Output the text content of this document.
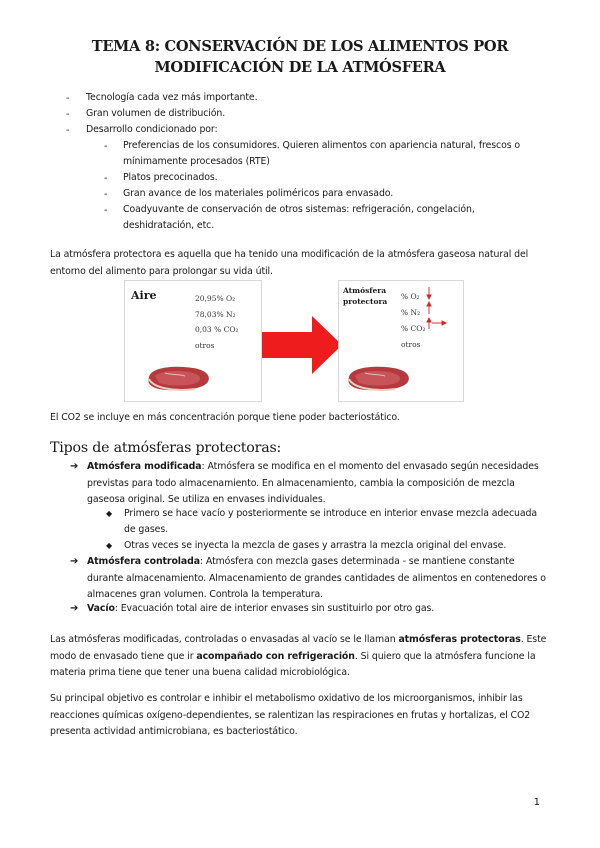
TEMA 8: CONSERVACIÓN DE LOS ALIMENTOS POR MODIFICACIÓN DE LA ATMÓSFERA
- Tecnología cada vez más importante.
- Gran volumen de distribución.
- Desarrollo condicionado por:
- Preferencias de los consumidores. Quieren alimentos con apariencia natural, frescos o mínimamente procesados (RTE)
- Platos precocinados.
- Gran avance de los materiales poliméricos para envasado.
- Coadyuvante de conservación de otros sistemas: refrigeración, congelación, deshidratación, etc.

La atmósfera protectora es aquella que ha tenido una modificación de la atmósfera gaseosa natural del entorno del alimento para prolongar su vida útil.

Aire	20,95% O₂
78,03% N₂
0,03 % CO₂
otros
Atmósfera protectora
% O₂
% N₂
% CO₂
otros

El CO2 se incluye en más concentración porque tiene poder bacteriostático.

Tipos de atmósferas protectoras:
➔ Atmósfera modificada: Atmósfera se modifica en el momento del envasado según necesidades previstas para todo almacenamiento. En almacenamiento, cambia la composición de mezcla gaseosa original. Se utiliza en envases individuales.

◆ Primero se hace vacío y posteriormente se introduce en interior envase mezcla adecuada de gases.

◆ Otras veces se inyecta la mezcla de gases y arrastra la mezcla original del envase.

➔ Atmósfera controlada: Atmósfera con mezcla gases determinada - se mantiene constante durante almacenamiento. Almacenamiento de grandes cantidades de alimentos en contenedores o almacenes gran volumen. Controla la temperatura.

➔ Vacío: Evacuación total aire de interior envases sin sustituirlo por otro gas.

Las atmósferas modificadas, controladas o envasadas al vacío se le llaman atmósferas protectoras. Este modo de envasado tiene que ir acompañado con refrigeración. Si quiero que la atmósfera funcione la materia prima tiene que tener una buena calidad microbiológica.

Su principal objetivo es controlar e inhibir el metabolismo oxidativo de los microorganismos, inhibir las reacciones químicas oxígeno-dependientes, se ralentizan las respiraciones en frutas y hortalizas, el CO2 presenta actividad antimicrobiana, es bacteriostático.

1
